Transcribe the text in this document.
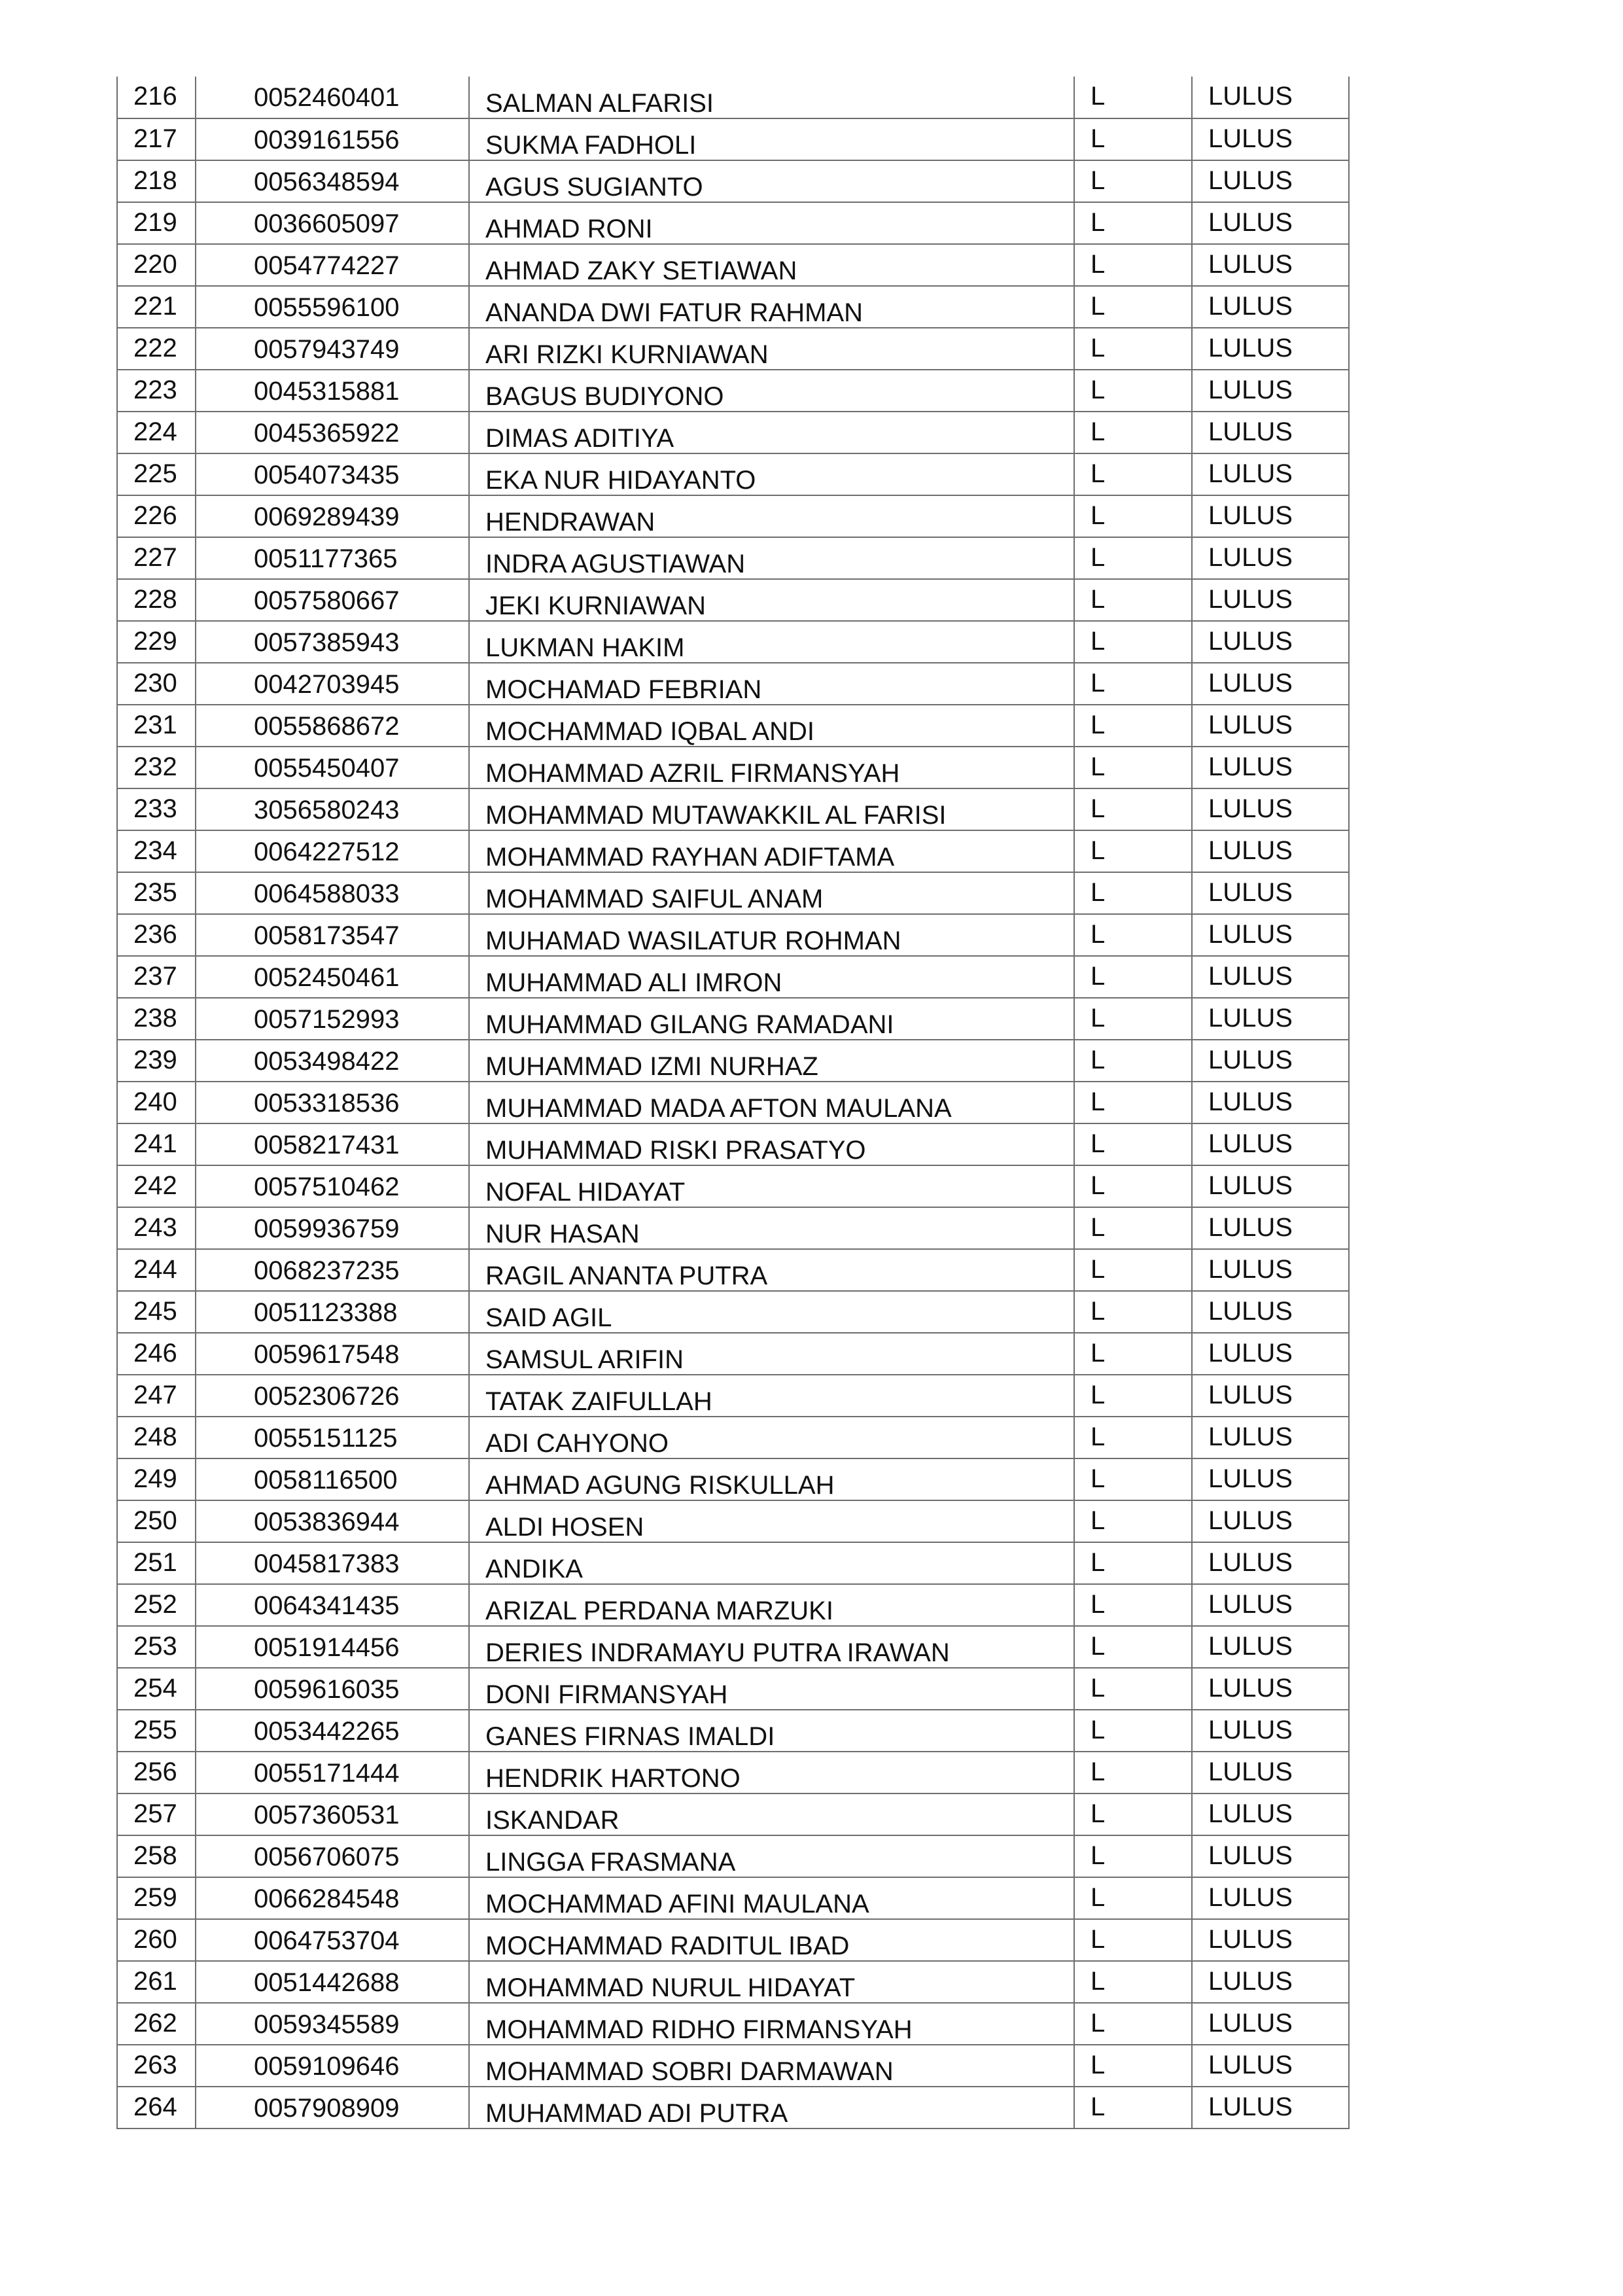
216	0052460401	SALMAN ALFARISI	L	LULUS
217	0039161556	SUKMA FADHOLI	L	LULUS
218	0056348594	AGUS SUGIANTO	L	LULUS
219	0036605097	AHMAD RONI	L	LULUS
220	0054774227	AHMAD ZAKY SETIAWAN	L	LULUS
221	0055596100	ANANDA DWI FATUR RAHMAN	L	LULUS
222	0057943749	ARI RIZKI KURNIAWAN	L	LULUS
223	0045315881	BAGUS BUDIYONO	L	LULUS
224	0045365922	DIMAS ADITIYA	L	LULUS
225	0054073435	EKA NUR HIDAYANTO	L	LULUS
226	0069289439	HENDRAWAN	L	LULUS
227	0051177365	INDRA AGUSTIAWAN	L	LULUS
228	0057580667	JEKI KURNIAWAN	L	LULUS
229	0057385943	LUKMAN HAKIM	L	LULUS
230	0042703945	MOCHAMAD FEBRIAN	L	LULUS
231	0055868672	MOCHAMMAD IQBAL ANDI	L	LULUS
232	0055450407	MOHAMMAD AZRIL FIRMANSYAH	L	LULUS
233	3056580243	MOHAMMAD MUTAWAKKIL AL FARISI	L	LULUS
234	0064227512	MOHAMMAD RAYHAN ADIFTAMA	L	LULUS
235	0064588033	MOHAMMAD SAIFUL ANAM	L	LULUS
236	0058173547	MUHAMAD WASILATUR ROHMAN	L	LULUS
237	0052450461	MUHAMMAD ALI IMRON	L	LULUS
238	0057152993	MUHAMMAD GILANG RAMADANI	L	LULUS
239	0053498422	MUHAMMAD IZMI NURHAZ	L	LULUS
240	0053318536	MUHAMMAD MADA AFTON MAULANA	L	LULUS
241	0058217431	MUHAMMAD RISKI PRASATYO	L	LULUS
242	0057510462	NOFAL HIDAYAT	L	LULUS
243	0059936759	NUR HASAN	L	LULUS
244	0068237235	RAGIL ANANTA PUTRA	L	LULUS
245	0051123388	SAID AGIL	L	LULUS
246	0059617548	SAMSUL ARIFIN	L	LULUS
247	0052306726	TATAK ZAIFULLAH	L	LULUS
248	0055151125	ADI CAHYONO	L	LULUS
249	0058116500	AHMAD AGUNG RISKULLAH	L	LULUS
250	0053836944	ALDI HOSEN	L	LULUS
251	0045817383	ANDIKA	L	LULUS
252	0064341435	ARIZAL PERDANA MARZUKI	L	LULUS
253	0051914456	DERIES INDRAMAYU PUTRA IRAWAN	L	LULUS
254	0059616035	DONI FIRMANSYAH	L	LULUS
255	0053442265	GANES FIRNAS IMALDI	L	LULUS
256	0055171444	HENDRIK HARTONO	L	LULUS
257	0057360531	ISKANDAR	L	LULUS
258	0056706075	LINGGA FRASMANA	L	LULUS
259	0066284548	MOCHAMMAD AFINI MAULANA	L	LULUS
260	0064753704	MOCHAMMAD RADITUL IBAD	L	LULUS
261	0051442688	MOHAMMAD NURUL HIDAYAT	L	LULUS
262	0059345589	MOHAMMAD RIDHO FIRMANSYAH	L	LULUS
263	0059109646	MOHAMMAD SOBRI DARMAWAN	L	LULUS
264	0057908909	MUHAMMAD ADI PUTRA	L	LULUS
